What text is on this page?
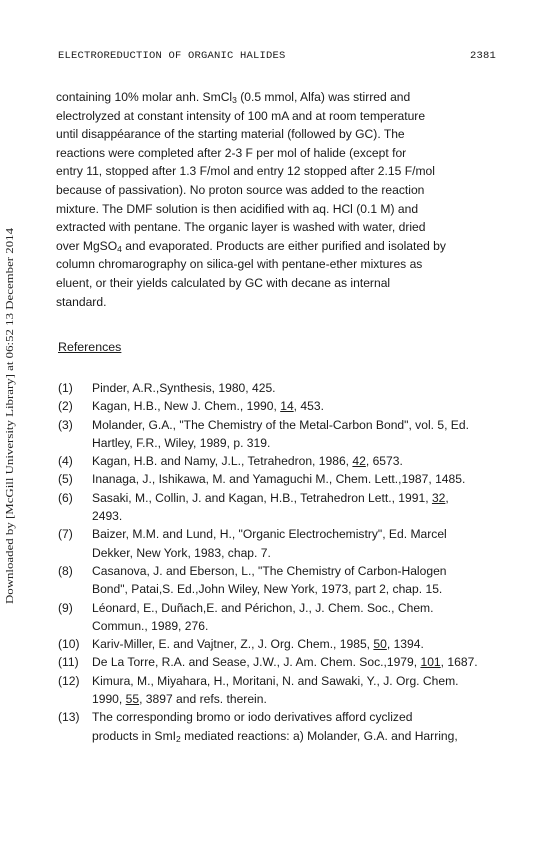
ELECTROREDUCTION OF ORGANIC HALIDES	2381
Downloaded by [McGill University Library] at 06:52 13 December 2014
containing 10% molar anh. SmCl$_3$ (0.5 mmol, Alfa) was stirred and
electrolyzed at constant intensity of 100 mA and at room temperature
until disappéarance of the starting material (followed by GC). The
reactions were completed after 2-3 F per mol of halide (except for
entry 11, stopped after 1.3 F/mol and entry 12 stopped after 2.15 F/mol
because of passivation). No proton source was added to the reaction
mixture. The DMF solution is then acidified with aq. HCl (0.1 M) and
extracted with pentane. The organic layer is washed with water, dried
over MgSO$_4$ and evaporated. Products are either purified and isolated by
column chromarography on silica-gel with pentane-ether mixtures as
eluent, or their yields calculated by GC with decane as internal
standard.
References
(1)	Pinder, A.R.,Synthesis, 1980, 425.
(2)	Kagan, H.B., New J. Chem., 1990, 14, 453.
(3)	Molander, G.A., "The Chemistry of the Metal-Carbon Bond", vol. 5, Ed.
Hartley, F.R., Wiley, 1989, p. 319.
(4)	Kagan, H.B. and Namy, J.L., Tetrahedron, 1986, 42, 6573.
(5)	Inanaga, J., Ishikawa, M. and Yamaguchi M., Chem. Lett.,1987, 1485.
(6)	Sasaki, M., Collin, J. and Kagan, H.B., Tetrahedron Lett., 1991, 32,
2493.
(7)	Baizer, M.M. and Lund, H., "Organic Electrochemistry", Ed. Marcel
Dekker, New York, 1983, chap. 7.
(8)	Casanova, J. and Eberson, L., "The Chemistry of Carbon-Halogen
Bond", Patai,S. Ed.,John Wiley, New York, 1973, part 2, chap. 15.
(9)	Léonard, E., Duñach,E. and Périchon, J., J. Chem. Soc., Chem.
Commun., 1989, 276.
(10)	Kariv-Miller, E. and Vajtner, Z., J. Org. Chem., 1985, 50, 1394.
(11)	De La Torre, R.A. and Sease, J.W., J. Am. Chem. Soc.,1979, 101, 1687.
(12)	Kimura, M., Miyahara, H., Moritani, N. and Sawaki, Y., J. Org. Chem.
1990, 55, 3897 and refs. therein.
(13)	The corresponding bromo or iodo derivatives afford cyclized
products in SmI$_2$ mediated reactions: a) Molander, G.A. and Harring,
